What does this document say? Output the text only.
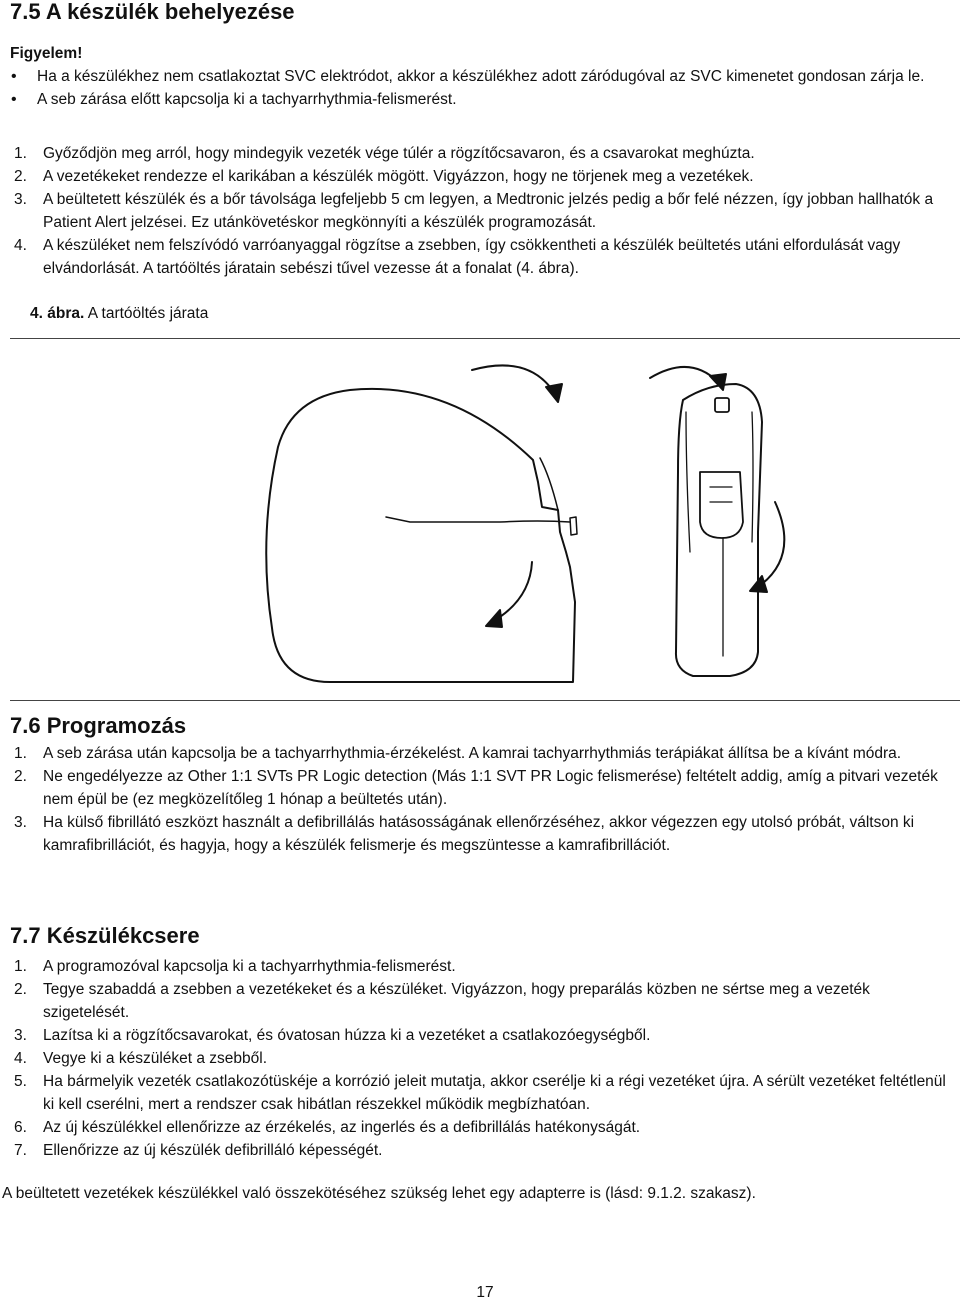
7.5 A készülék behelyezése
Figyelem!
• Ha a készülékhez nem csatlakoztat SVC elektródot, akkor a készülékhez adott záródugóval az SVC kimenetet gondosan zárja le.
• A seb zárása előtt kapcsolja ki a tachyarrhythmia-felismerést.
1. Győződjön meg arról, hogy mindegyik vezeték vége túlér a rögzítőcsavaron, és a csavarokat meghúzta.
2. A vezetékeket rendezze el karikában a készülék mögött. Vigyázzon, hogy ne törjenek meg a vezetékek.
3. A beültetett készülék és a bőr távolsága legfeljebb 5 cm legyen, a Medtronic jelzés pedig a bőr felé nézzen, így jobban hallhatók a Patient Alert jelzései. Ez utánkövetéskor megkönnyíti a készülék programozását.
4. A készüléket nem felszívódó varróanyaggal rögzítse a zsebben, így csökkentheti a készülék beültetés utáni elfordulását vagy elvándorlását. A tartóöltés járatain sebészi tűvel vezesse át a fonalat (4. ábra).
4. ábra. A tartóöltés járata
7.6 Programozás
1. A seb zárása után kapcsolja be a tachyarrhythmia-érzékelést. A kamrai tachyarrhythmiás terápiákat állítsa be a kívánt módra.
2. Ne engedélyezze az Other 1:1 SVTs PR Logic detection (Más 1:1 SVT PR Logic felismerése) feltételt addig, amíg a pitvari vezeték nem épül be (ez megközelítőleg 1 hónap a beültetés után).
3. Ha külső fibrillátó eszközt használt a defibrillálás hatásosságának ellenőrzéséhez, akkor végezzen egy utolsó próbát, váltson ki kamrafibrillációt, és hagyja, hogy a készülék felismerje és megszüntesse a kamrafibrillációt.
7.7 Készülékcsere
1. A programozóval kapcsolja ki a tachyarrhythmia-felismerést.
2. Tegye szabaddá a zsebben a vezetékeket és a készüléket. Vigyázzon, hogy preparálás közben ne sértse meg a vezeték szigetelését.
3. Lazítsa ki a rögzítőcsavarokat, és óvatosan húzza ki a vezetéket a csatlakozóegységből.
4. Vegye ki a készüléket a zsebből.
5. Ha bármelyik vezeték csatlakozótüskéje a korrózió jeleit mutatja, akkor cserélje ki a régi vezetéket újra. A sérült vezetéket feltétlenül ki kell cserélni, mert a rendszer csak hibátlan részekkel működik megbízhatóan.
6. Az új készülékkel ellenőrizze az érzékelés, az ingerlés és a defibrillálás hatékonyságát.
7. Ellenőrizze az új készülék defibrilláló képességét.
A beültetett vezetékek készülékkel való összekötéséhez szükség lehet egy adapterre is (lásd: 9.1.2. szakasz).
17
